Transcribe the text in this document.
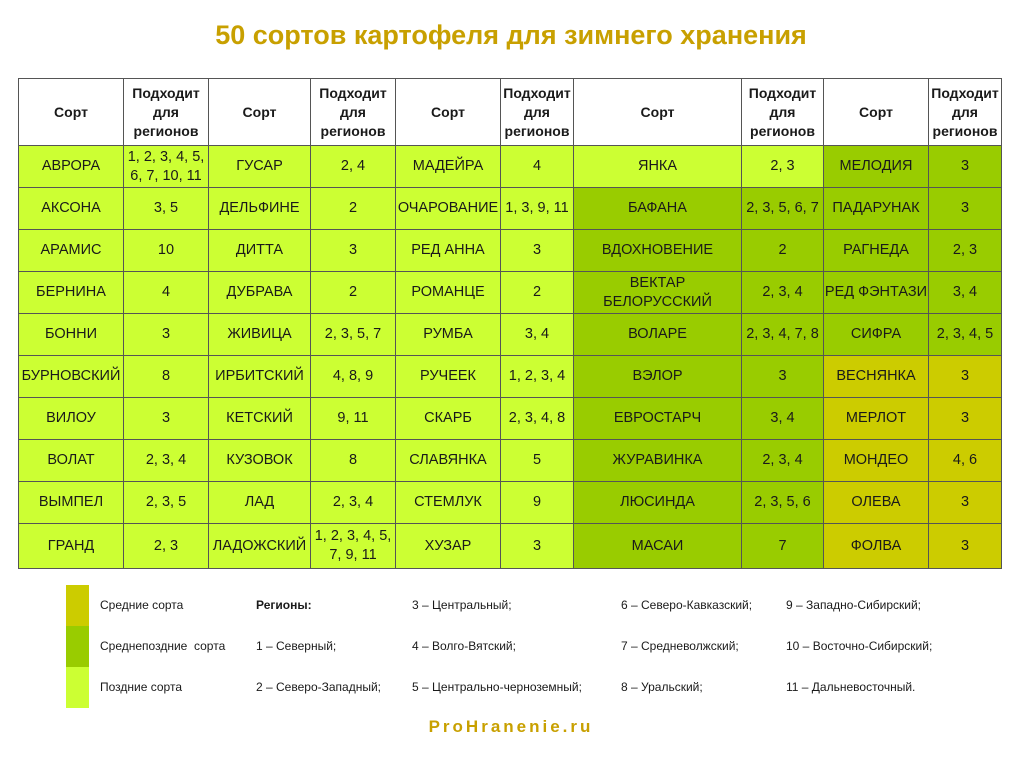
50 сортов картофеля для зимнего хранения
Сорт	Подходит для регионов	Сорт	Подходит для регионов	Сорт	Подходит для регионов	Сорт	Подходит для регионов	Сорт	Подходит для регионов
АВРОРА	1, 2, 3, 4, 5, 6, 7, 10, 11	ГУСАР	2, 4	МАДЕЙРА	4	ЯНКА	2, 3	МЕЛОДИЯ	3
АКСОНА	3, 5	ДЕЛЬФИНЕ	2	ОЧАРОВАНИЕ	1, 3, 9, 11	БАФАНА	2, 3, 5, 6, 7	ПАДАРУНАК	3
АРАМИС	10	ДИТТА	3	РЕД АННА	3	ВДОХНОВЕНИЕ	2	РАГНЕДА	2, 3
БЕРНИНА	4	ДУБРАВА	2	РОМАНЦЕ	2	ВЕКТАР БЕЛОРУССКИЙ	2, 3, 4	РЕД ФЭНТАЗИ	3, 4
БОННИ	3	ЖИВИЦА	2, 3, 5, 7	РУМБА	3, 4	ВОЛАРЕ	2, 3, 4, 7, 8	СИФРА	2, 3, 4, 5
БУРНОВСКИЙ	8	ИРБИТСКИЙ	4, 8, 9	РУЧЕЕК	1, 2, 3, 4	ВЭЛОР	3	ВЕСНЯНКА	3
ВИЛОУ	3	КЕТСКИЙ	9, 11	СКАРБ	2, 3, 4, 8	ЕВРОСТАРЧ	3, 4	МЕРЛОТ	3
ВОЛАТ	2, 3, 4	КУЗОВОК	8	СЛАВЯНКА	5	ЖУРАВИНКА	2, 3, 4	МОНДЕО	4, 6
ВЫМПЕЛ	2, 3, 5	ЛАД	2, 3, 4	СТЕМЛУК	9	ЛЮСИНДА	2, 3, 5, 6	ОЛЕВА	3
ГРАНД	2, 3	ЛАДОЖСКИЙ	1, 2, 3, 4, 5, 7, 9, 11	ХУЗАР	3	МАСАИ	7	ФОЛВА	3
Средние сорта
Среднепоздние  сорта
Поздние сорта
Регионы:
1 – Северный;
2 – Северо-Западный;
3 – Центральный;
4 – Волго-Вятский;
5 – Центрально-черноземный;
6 – Северо-Кавказский;
7 – Средневолжский;
8 – Уральский;
9 – Западно-Сибирский;
10 – Восточно-Сибирский;
11 – Дальневосточный.
ProHranenie.ru
